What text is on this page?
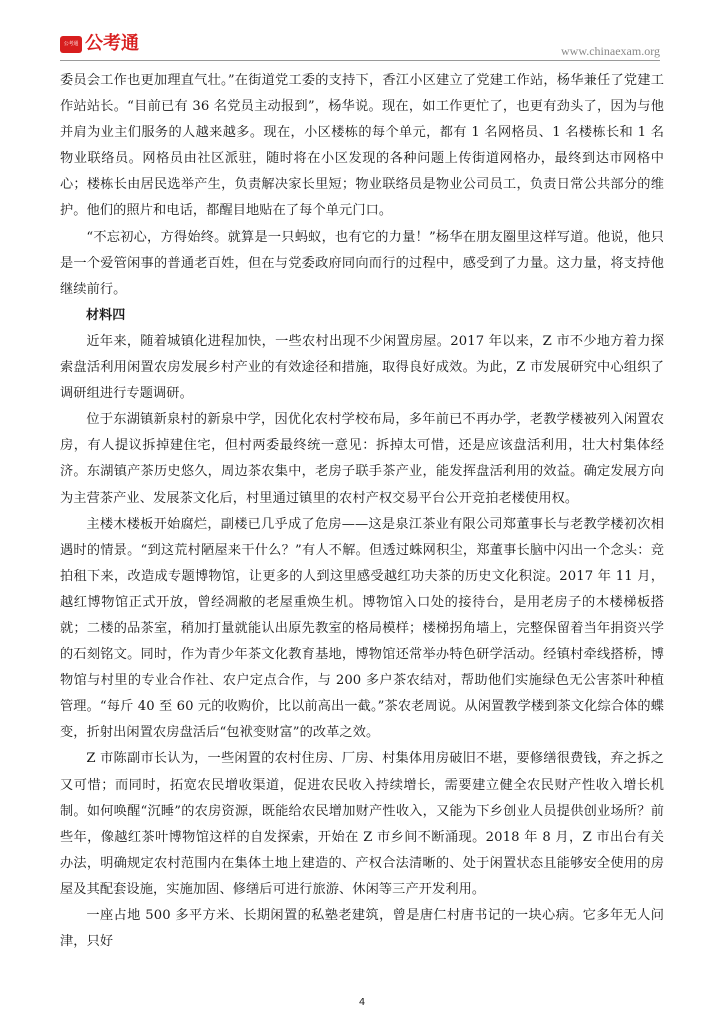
公考通 公考通	www.chinaexam.org

委员会工作也更加理直气壮。”在街道党工委的支持下，香江小区建立了党建工作站，杨华兼任了党建工作站站长。“目前已有 36 名党员主动报到”，杨华说。现在，如工作更忙了，也更有劲头了，因为与他并肩为业主们服务的人越来越多。现在，小区楼栋的每个单元，都有 1 名网格员、1 名楼栋长和 1 名物业联络员。网格员由社区派驻，随时将在小区发现的各种问题上传街道网格办，最终到达市网格中心；楼栋长由居民选举产生，负责解决家长里短；物业联络员是物业公司员工，负责日常公共部分的维护。他们的照片和电话，都醒目地贴在了每个单元门口。

“不忘初心，方得始终。就算是一只蚂蚁，也有它的力量！”杨华在朋友圈里这样写道。他说，他只是一个爱管闲事的普通老百姓，但在与党委政府同向而行的过程中，感受到了力量。这力量，将支持他继续前行。

材料四

近年来，随着城镇化进程加快，一些农村出现不少闲置房屋。2017 年以来，Z 市不少地方着力探索盘活利用闲置农房发展乡村产业的有效途径和措施，取得良好成效。为此，Z 市发展研究中心组织了调研组进行专题调研。

位于东湖镇新泉村的新泉中学，因优化农村学校布局，多年前已不再办学，老教学楼被列入闲置农房，有人提议拆掉建住宅，但村两委最终统一意见：拆掉太可惜，还是应该盘活利用，壮大村集体经济。东湖镇产茶历史悠久，周边茶农集中，老房子联手茶产业，能发挥盘活利用的效益。确定发展方向为主营茶产业、发展茶文化后，村里通过镇里的农村产权交易平台公开竞拍老楼使用权。

主楼木楼板开始腐烂，副楼已几乎成了危房——这是泉江茶业有限公司郑董事长与老教学楼初次相遇时的情景。“到这荒村陋屋来干什么？”有人不解。但透过蛛网积尘，郑董事长脑中闪出一个念头：竞拍租下来，改造成专题博物馆，让更多的人到这里感受越红功夫茶的历史文化积淀。2017 年 11 月，越红博物馆正式开放，曾经凋敝的老屋重焕生机。博物馆入口处的接待台，是用老房子的木楼梯板搭就；二楼的品茶室，稍加打量就能认出原先教室的格局模样；楼梯拐角墙上，完整保留着当年捐资兴学的石刻铭文。同时，作为青少年茶文化教育基地，博物馆还常举办特色研学活动。经镇村牵线搭桥，博物馆与村里的专业合作社、农户定点合作，与 200 多户茶农结对，帮助他们实施绿色无公害茶叶种植管理。“每斤 40 至 60 元的收购价，比以前高出一截。”茶农老周说。从闲置教学楼到茶文化综合体的蝶变，折射出闲置农房盘活后“包袱变财富”的改革之效。

Z 市陈副市长认为，一些闲置的农村住房、厂房、村集体用房破旧不堪，要修缮很费钱，弃之拆之又可惜；而同时，拓宽农民增收渠道，促进农民收入持续增长，需要建立健全农民财产性收入增长机制。如何唤醒“沉睡”的农房资源，既能给农民增加财产性收入，又能为下乡创业人员提供创业场所？前些年，像越红茶叶博物馆这样的自发探索，开始在 Z 市乡间不断涌现。2018 年 8 月，Z 市出台有关办法，明确规定农村范围内在集体土地上建造的、产权合法清晰的、处于闲置状态且能够安全使用的房屋及其配套设施，实施加固、修缮后可进行旅游、休闲等三产开发利用。

一座占地 500 多平方米、长期闲置的私塾老建筑，曾是唐仁村唐书记的一块心病。它多年无人问津，只好

4
